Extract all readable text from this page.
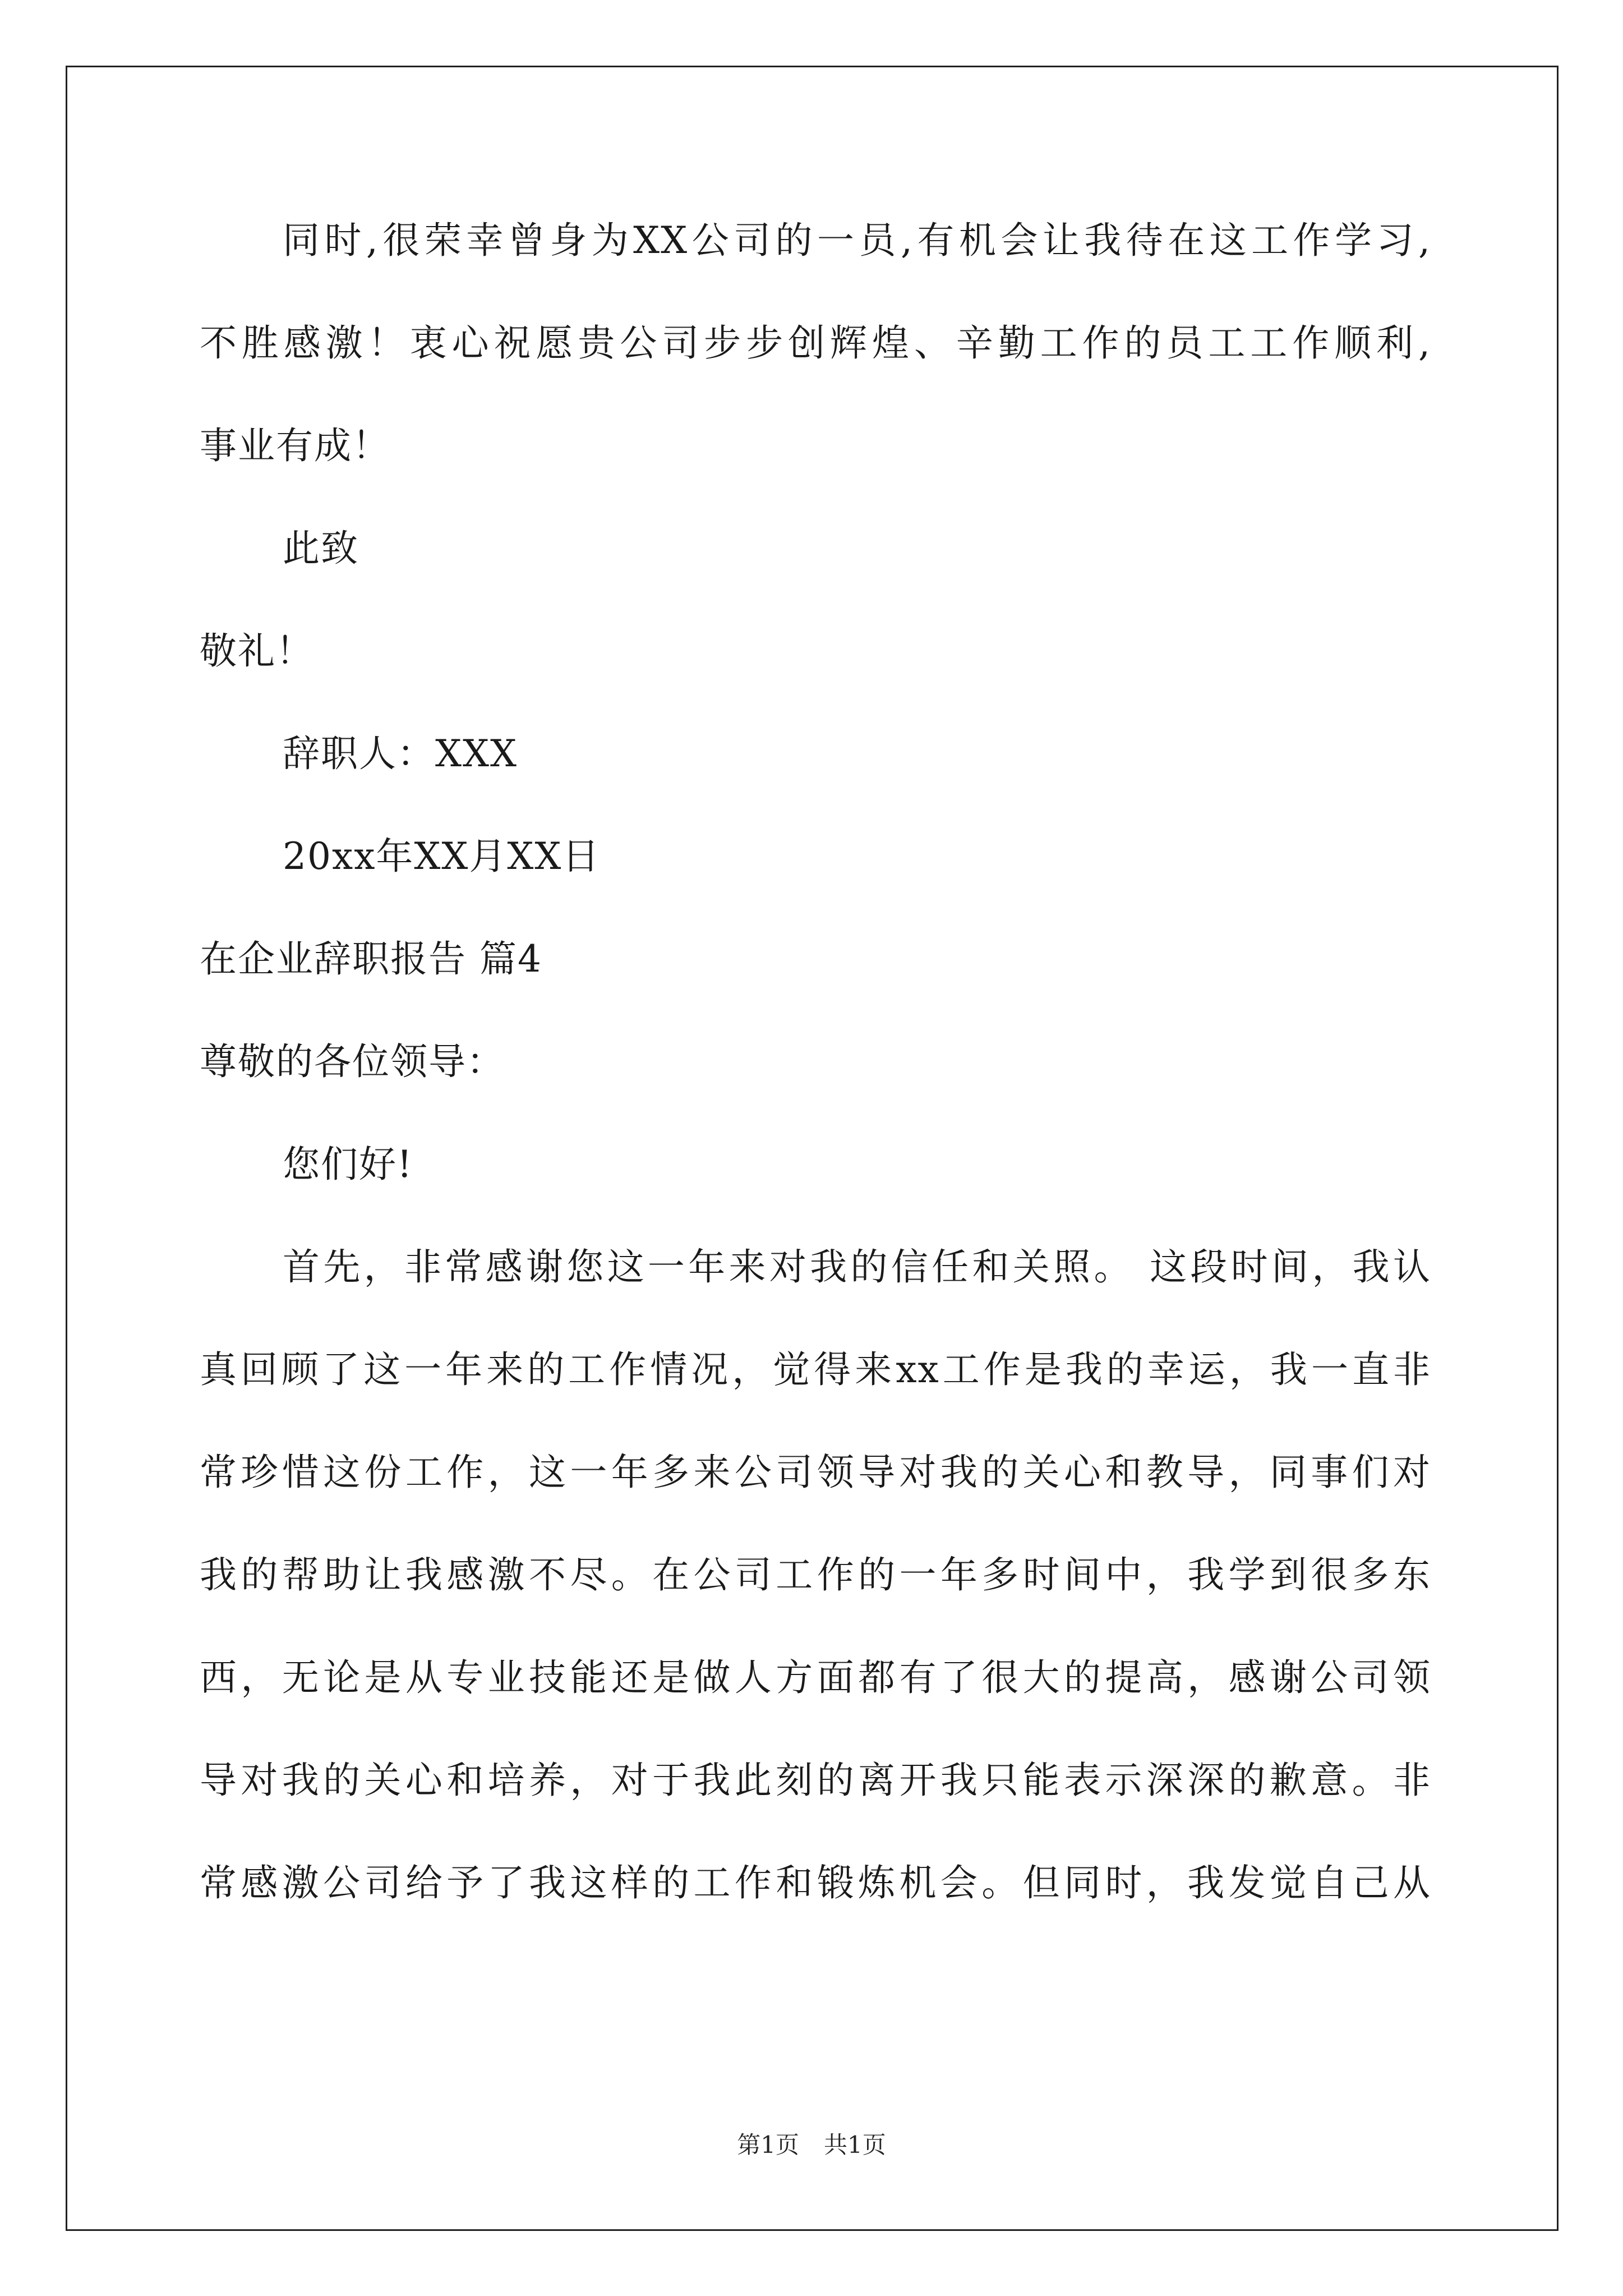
同时,很荣幸曾身为XX公司的一员,有机会让我待在这工作学习,
不胜感激！衷心祝愿贵公司步步创辉煌、辛勤工作的员工工作顺利,
事业有成！
此致
敬礼！
辞职人：XXX
20xx年XX月XX日
在企业辞职报告 篇4
尊敬的各位领导：
您们好!
首先，非常感谢您这一年来对我的信任和关照。 这段时间，我认
真回顾了这一年来的工作情况，觉得来xx工作是我的幸运，我一直非
常珍惜这份工作，这一年多来公司领导对我的关心和教导，同事们对
我的帮助让我感激不尽。在公司工作的一年多时间中，我学到很多东
西，无论是从专业技能还是做人方面都有了很大的提高，感谢公司领
导对我的关心和培养，对于我此刻的离开我只能表示深深的歉意。非
常感激公司给予了我这样的工作和锻炼机会。但同时，我发觉自己从
第1页 共1页
